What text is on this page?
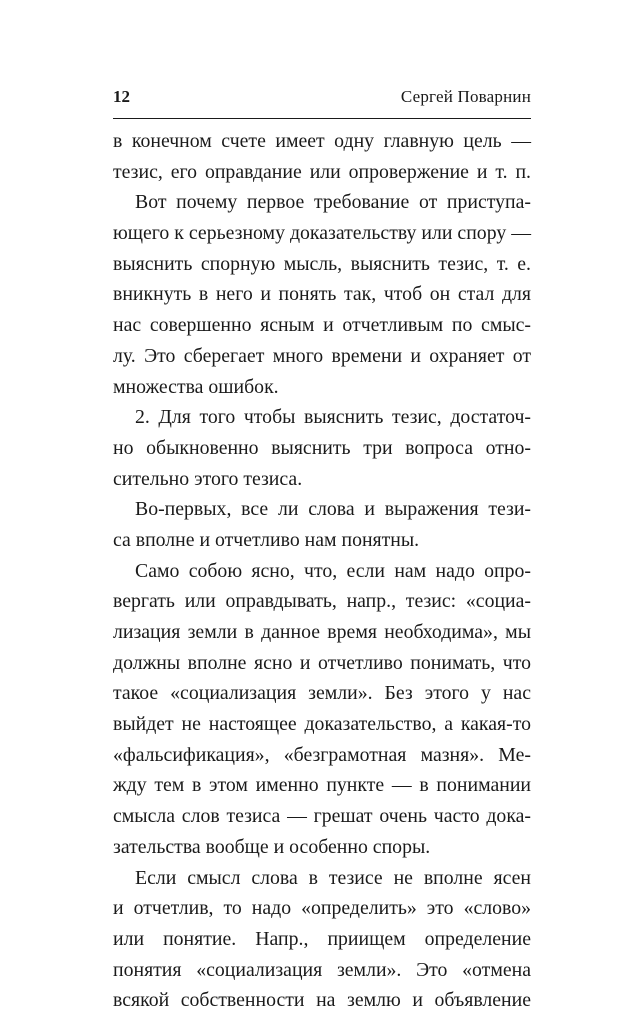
12	Сергей Поварнин
в конечном счете имеет одну главную цель —
тезис, его оправдание или опровержение и т. п.
Вот почему первое требование от приступа-
ющего к серьезному доказательству или спору —
выяснить спорную мысль, выяснить тезис, т. е.
вникнуть в него и понять так, чтоб он стал для
нас совершенно ясным и отчетливым по смыс-
лу. Это сберегает много времени и охраняет от
множества ошибок.
2. Для того чтобы выяснить тезис, достаточ-
но обыкновенно выяснить три вопроса отно-
сительно этого тезиса.
Во-первых, все ли слова и выражения тези-
са вполне и отчетливо нам понятны.
Само собою ясно, что, если нам надо опро-
вергать или оправдывать, напр., тезис: «социа-
лизация земли в данное время необходима», мы
должны вполне ясно и отчетливо понимать, что
такое «социализация земли». Без этого у нас
выйдет не настоящее доказательство, а какая-то
«фальсификация», «безграмотная мазня». Ме-
жду тем в этом именно пункте — в понимании
смысла слов тезиса — грешат очень часто дока-
зательства вообще и особенно споры.
Если смысл слова в тезисе не вполне ясен
и отчетлив, то надо «определить» это «слово»
или понятие. Напр., приищем определение
понятия «социализация земли». Это «отмена
всякой собственности на землю и объявление
